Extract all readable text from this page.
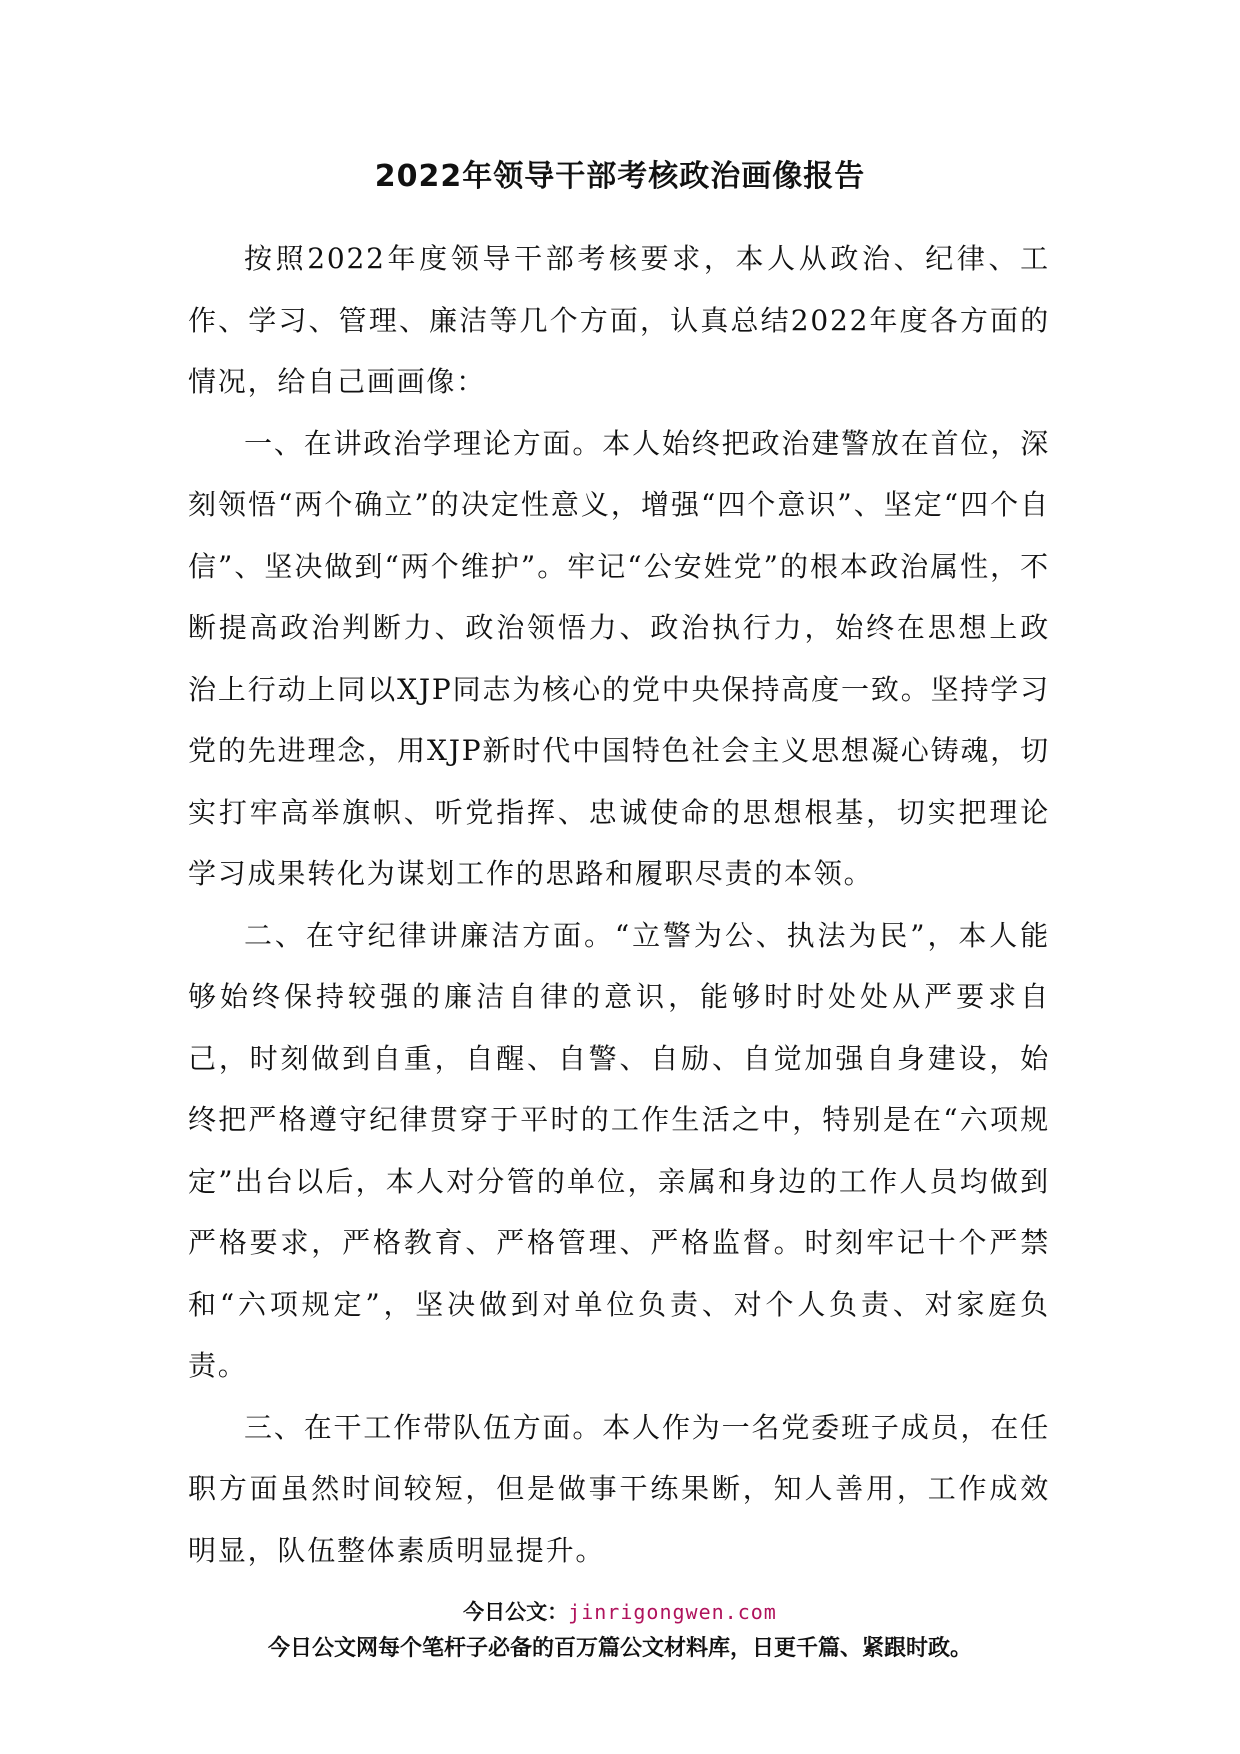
2022年领导干部考核政治画像报告

按照2022年度领导干部考核要求，本人从政治、纪律、工作、学习、管理、廉洁等几个方面，认真总结2022年度各方面的情况，给自己画画像：

一、在讲政治学理论方面。本人始终把政治建警放在首位，深刻领悟“两个确立”的决定性意义，增强“四个意识”、坚定“四个自信”、坚决做到“两个维护”。牢记“公安姓党”的根本政治属性，不断提高政治判断力、政治领悟力、政治执行力，始终在思想上政治上行动上同以XJP同志为核心的党中央保持高度一致。坚持学习党的先进理念，用XJP新时代中国特色社会主义思想凝心铸魂，切实打牢高举旗帜、听党指挥、忠诚使命的思想根基，切实把理论学习成果转化为谋划工作的思路和履职尽责的本领。

二、在守纪律讲廉洁方面。“立警为公、执法为民”，本人能够始终保持较强的廉洁自律的意识，能够时时处处从严要求自己，时刻做到自重，自醒、自警、自励、自觉加强自身建设，始终把严格遵守纪律贯穿于平时的工作生活之中，特别是在“六项规定”出台以后，本人对分管的单位，亲属和身边的工作人员均做到严格要求，严格教育、严格管理、严格监督。时刻牢记十个严禁和“六项规定”，坚决做到对单位负责、对个人负责、对家庭负责。

三、在干工作带队伍方面。本人作为一名党委班子成员，在任职方面虽然时间较短，但是做事干练果断，知人善用，工作成效明显，队伍整体素质明显提升。

今日公文：jinrigongwen.com
今日公文网每个笔杆子必备的百万篇公文材料库，日更千篇、紧跟时政。
